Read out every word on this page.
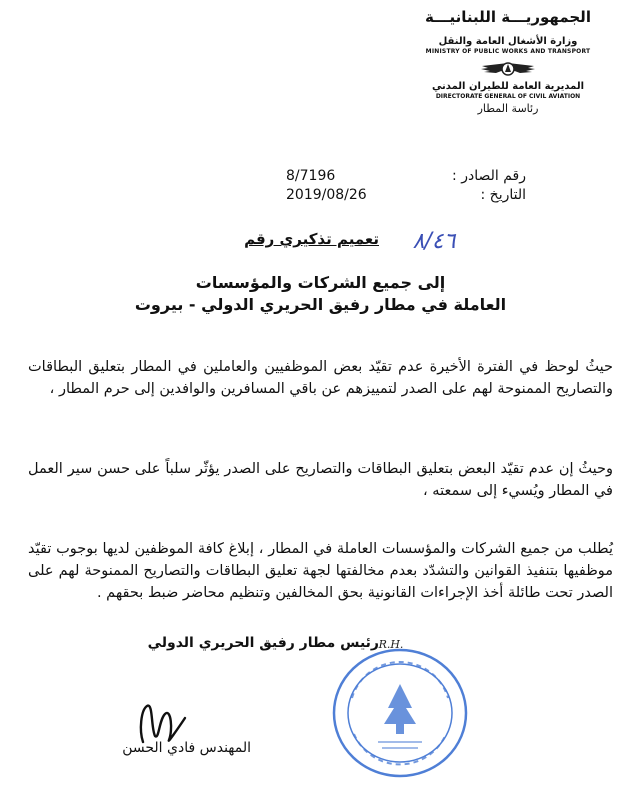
الجمهوريـــة اللبنانيـــة
وزارة الأشغال العامة والنقل
MINISTRY OF PUBLIC WORKS AND TRANSPORT
المديرية العامة للطيران المدني
DIRECTORATE GENERAL OF CIVIL AVIATION
رئاسة المطار
رقم الصادر :
8/7196
التاريخ :
2019/08/26
تعميم تذكيري رقم ٨/٤٦
إلى جميع الشركات والمؤسسات
العاملة في مطار رفيق الحريري الدولي - بيروت
حيثُ لوحظ في الفترة الأخيرة عدم تقيّد بعض الموظفيين والعاملين في المطار بتعليق البطاقات والتصاريح الممنوحة لهم على الصدر لتمييزهم عن باقي المسافرين والوافدين إلى حرم المطار ،
وحيثُ إن عدم تقيّد البعض بتعليق البطاقات والتصاريح على الصدر يؤثّر سلباً على حسن سير العمل في المطار ويُسيء إلى سمعته ،
يُطلب من جميع الشركات والمؤسسات العاملة في المطار ، إبلاغ كافة الموظفين لديها بوجوب تقيّد موظفيها بتنفيذ القوانين والتشدّد بعدم مخالفتها لجهة تعليق البطاقات والتصاريح الممنوحة لهم على الصدر تحت طائلة أخذ الإجراءات القانونية بحق المخالفين وتنظيم محاضر ضبط بحقهم .
رئيس مطار رفيق الحريري الدولي R.H.
المهندس فادي الحسن
